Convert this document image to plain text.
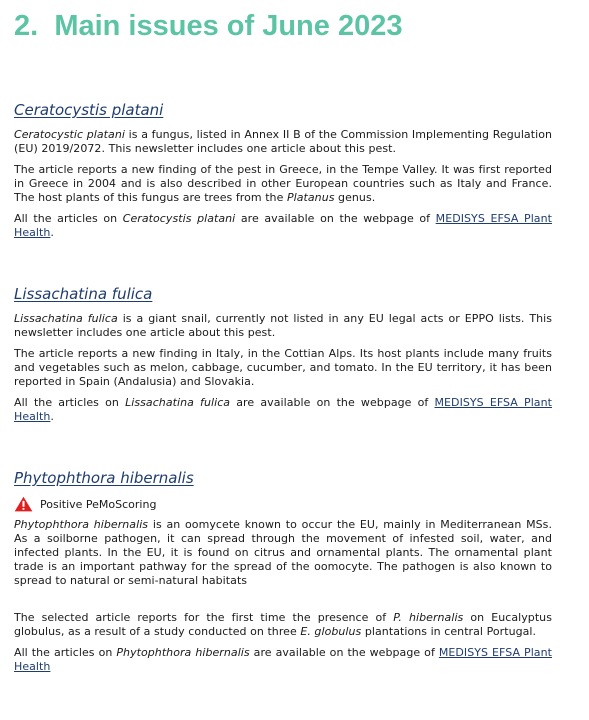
2. Main issues of June 2023
Ceratocystis platani

Ceratocystic platani is a fungus, listed in Annex II B of the Commission Implementing Regulation (EU) 2019/2072. This newsletter includes one article about this pest.

The article reports a new finding of the pest in Greece, in the Tempe Valley. It was first reported in Greece in 2004 and is also described in other European countries such as Italy and France. The host plants of this fungus are trees from the Platanus genus.

All the articles on Ceratocystis platani are available on the webpage of MEDISYS EFSA Plant Health.

Lissachatina fulica

Lissachatina fulica is a giant snail, currently not listed in any EU legal acts or EPPO lists. This newsletter includes one article about this pest.

The article reports a new finding in Italy, in the Cottian Alps. Its host plants include many fruits and vegetables such as melon, cabbage, cucumber, and tomato. In the EU territory, it has been reported in Spain (Andalusia) and Slovakia.

All the articles on Lissachatina fulica are available on the webpage of MEDISYS EFSA Plant Health.

Phytophthora hibernalis
Positive PeMoScoring

Phytophthora hibernalis is an oomycete known to occur the EU, mainly in Mediterranean MSs. As a soilborne pathogen, it can spread through the movement of infested soil, water, and infected plants. In the EU, it is found on citrus and ornamental plants. The ornamental plant trade is an important pathway for the spread of the oomocyte. The pathogen is also known to spread to natural or semi-natural habitats

The selected article reports for the first time the presence of P. hibernalis on Eucalyptus globulus, as a result of a study conducted on three E. globulus plantations in central Portugal.

All the articles on Phytophthora hibernalis are available on the webpage of MEDISYS EFSA Plant Health
